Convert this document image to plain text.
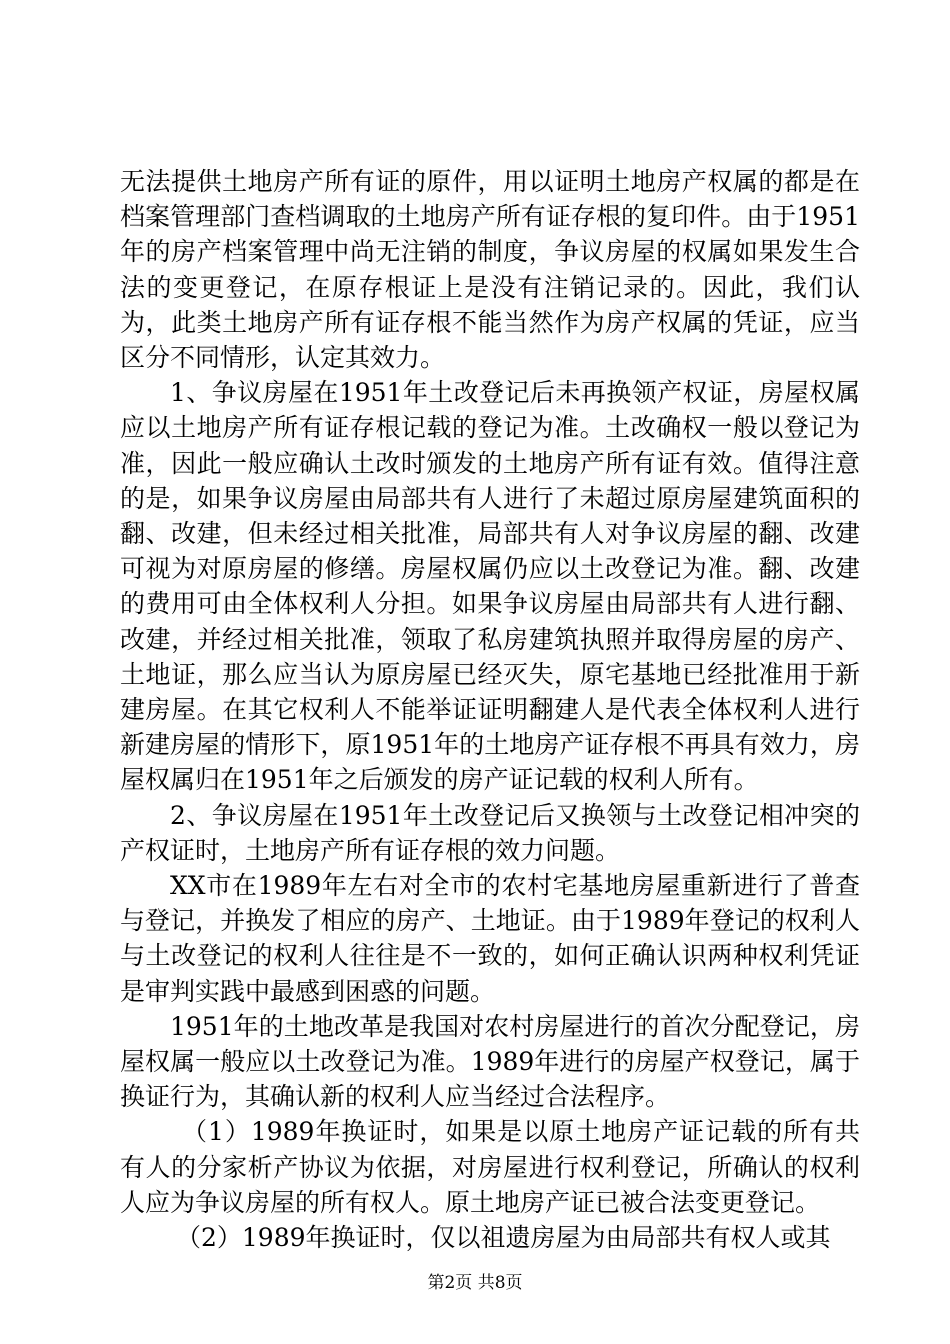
无法提供土地房产所有证的原件，用以证明土地房产权属的都是在档案管理部门查档调取的土地房产所有证存根的复印件。由于1951年的房产档案管理中尚无注销的制度，争议房屋的权属如果发生合法的变更登记，在原存根证上是没有注销记录的。因此，我们认为，此类土地房产所有证存根不能当然作为房产权属的凭证，应当区分不同情形，认定其效力。

1、争议房屋在1951年土改登记后未再换领产权证，房屋权属应以土地房产所有证存根记载的登记为准。土改确权一般以登记为准，因此一般应确认土改时颁发的土地房产所有证有效。值得注意的是，如果争议房屋由局部共有人进行了未超过原房屋建筑面积的翻、改建，但未经过相关批准，局部共有人对争议房屋的翻、改建可视为对原房屋的修缮。房屋权属仍应以土改登记为准。翻、改建的费用可由全体权利人分担。如果争议房屋由局部共有人进行翻、改建，并经过相关批准，领取了私房建筑执照并取得房屋的房产、土地证，那么应当认为原房屋已经灭失，原宅基地已经批准用于新建房屋。在其它权利人不能举证证明翻建人是代表全体权利人进行新建房屋的情形下，原1951年的土地房产证存根不再具有效力，房屋权属归在1951年之后颁发的房产证记载的权利人所有。

2、争议房屋在1951年土改登记后又换领与土改登记相冲突的产权证时，土地房产所有证存根的效力问题。

XX市在1989年左右对全市的农村宅基地房屋重新进行了普查与登记，并换发了相应的房产、土地证。由于1989年登记的权利人与土改登记的权利人往往是不一致的，如何正确认识两种权利凭证是审判实践中最感到困惑的问题。

1951年的土地改革是我国对农村房屋进行的首次分配登记，房屋权属一般应以土改登记为准。1989年进行的房屋产权登记，属于换证行为，其确认新的权利人应当经过合法程序。

（1）1989年换证时，如果是以原土地房产证记载的所有共有人的分家析产协议为依据，对房屋进行权利登记，所确认的权利人应为争议房屋的所有权人。原土地房产证已被合法变更登记。

（2）1989年换证时，仅以祖遗房屋为由局部共有权人或其

第2页 共8页
